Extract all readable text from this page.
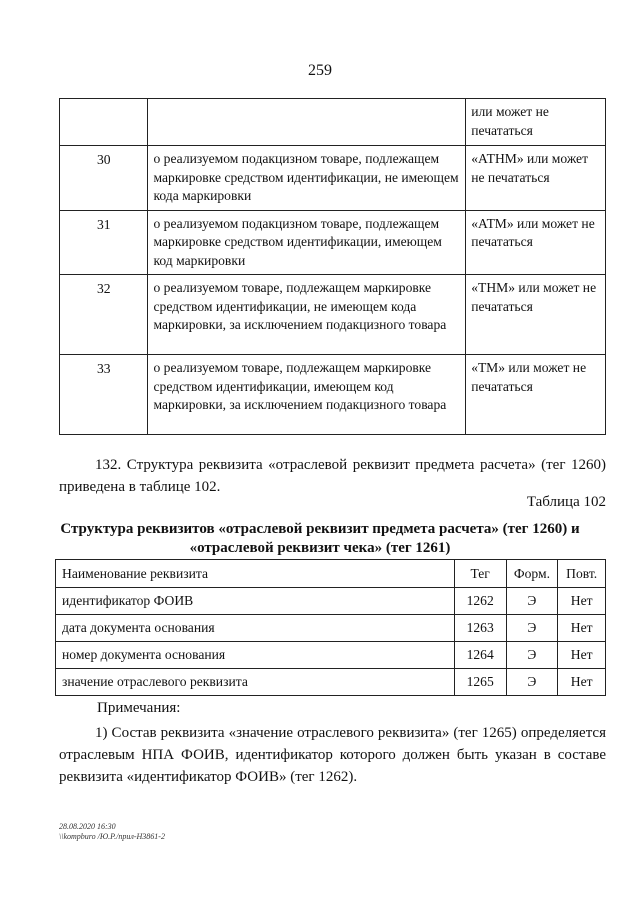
259
		или может не печататься
30	о реализуемом подакцизном товаре, подлежащем маркировке средством идентификации, не имеющем кода маркировки	«АТНМ» или может не печататься
31	о реализуемом подакцизном товаре, подлежащем маркировке средством идентификации, имеющем код маркировки	«АТМ» или может не печататься
32	о реализуемом товаре, подлежащем маркировке средством идентификации, не имеющем кода маркировки, за исключением подакцизного товара	«ТНМ» или может не печататься
33	о реализуемом товаре, подлежащем маркировке средством идентификации, имеющем код маркировки, за исключением подакцизного товара	«ТМ» или может не печататься
132. Структура реквизита «отраслевой реквизит предмета расчета» (тег 1260) приведена в таблице 102.
Таблица 102
Структура реквизитов «отраслевой реквизит предмета расчета» (тег 1260) и
«отраслевой реквизит чека» (тег 1261)
Наименование реквизита	Тег	Форм.	Повт.
идентификатор ФОИВ	1262	Э	Нет
дата документа основания	1263	Э	Нет
номер документа основания	1264	Э	Нет
значение отраслевого реквизита	1265	Э	Нет
Примечания:
1) Состав реквизита «значение отраслевого реквизита» (тег 1265) определяется отраслевым НПА ФОИВ, идентификатор которого должен быть указан в составе реквизита «идентификатор ФОИВ» (тег 1262).
28.08.2020 16:30
\\kompburo /Ю.Р./прил-Н3861-2
